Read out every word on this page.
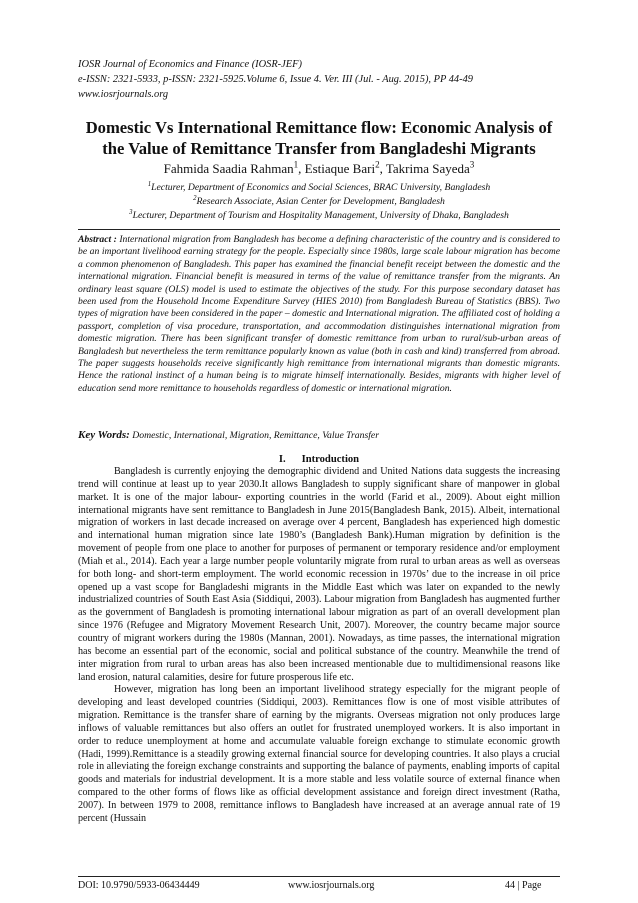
IOSR Journal of Economics and Finance (IOSR-JEF)
e-ISSN: 2321-5933, p-ISSN: 2321-5925.Volume 6, Issue 4. Ver. III (Jul. - Aug. 2015), PP 44-49
www.iosrjournals.org
Domestic Vs International Remittance flow: Economic Analysis of
the Value of Remittance Transfer from Bangladeshi Migrants
Fahmida Saadia Rahman$^1$, Estiaque Bari$^2$, Takrima Sayeda$^3$
$^1$Lecturer, Department of Economics and Social Sciences, BRAC University, Bangladesh
$^2$Research Associate, Asian Center for Development, Bangladesh
$^3$Lecturer, Department of Tourism and Hospitality Management, University of Dhaka, Bangladesh
Abstract : International migration from Bangladesh has become a defining characteristic of the country and is considered to be an important livelihood earning strategy for the people. Especially since 1980s, large scale labour migration has become a common phenomenon of Bangladesh. This paper has examined the financial benefit receipt between the domestic and the international migration. Financial benefit is measured in terms of the value of remittance transfer from the migrants. An ordinary least square (OLS) model is used to estimate the objectives of the study. For this purpose secondary dataset has been used from the Household Income Expenditure Survey (HIES 2010) from Bangladesh Bureau of Statistics (BBS). Two types of migration have been considered in the paper – domestic and International migration. The affiliated cost of holding a passport, completion of visa procedure, transportation, and accommodation distinguishes international migration from domestic migration. There has been significant transfer of domestic remittance from urban to rural/sub-urban areas of Bangladesh but nevertheless the term remittance popularly known as value (both in cash and kind) transferred from abroad. The paper suggests households receive significantly high remittance from international migrants than domestic migrants. Hence the rational instinct of a human being is to migrate himself internationally. Besides, migrants with higher level of education send more remittance to households regardless of domestic or international migration.
Key Words: Domestic, International, Migration, Remittance, Value Transfer
I. Introduction

Bangladesh is currently enjoying the demographic dividend and United Nations data suggests the increasing trend will continue at least up to year 2030.It allows Bangladesh to supply significant share of manpower in global market. It is one of the major labour- exporting countries in the world (Farid et al., 2009). About eight million international migrants have sent remittance to Bangladesh in June 2015(Bangladesh Bank, 2015). Albeit, international migration of workers in last decade increased on average over 4 percent, Bangladesh has experienced high domestic and international human migration since late 1980’s (Bangladesh Bank).Human migration by definition is the movement of people from one place to another for purposes of permanent or temporary residence and/or employment (Miah et al., 2014). Each year a large number people voluntarily migrate from rural to urban areas as well as overseas for both long- and short-term employment. The world economic recession in 1970s’ due to the increase in oil price opened up a vast scope for Bangladeshi migrants in the Middle East which was later on expanded to the newly industrialized countries of South East Asia (Siddiqui, 2003). Labour migration from Bangladesh has augmented further as the government of Bangladesh is promoting international labour migration as part of an overall development plan since 1976 (Refugee and Migratory Movement Research Unit, 2007). Moreover, the country became major source country of migrant workers during the 1980s (Mannan, 2001). Nowadays, as time passes, the international migration has become an essential part of the economic, social and political substance of the country. Meanwhile the trend of inter migration from rural to urban areas has also been increased mentionable due to multidimensional reasons like land erosion, natural calamities, desire for future prosperous life etc.

However, migration has long been an important livelihood strategy especially for the migrant people of developing and least developed countries (Siddiqui, 2003). Remittances flow is one of most visible attributes of migration. Remittance is the transfer share of earning by the migrants. Overseas migration not only produces large inflows of valuable remittances but also offers an outlet for frustrated unemployed workers. It is also important in order to reduce unemployment at home and accumulate valuable foreign exchange to stimulate economic growth (Hadi, 1999).Remittance is a steadily growing external financial source for developing countries. It also plays a crucial role in alleviating the foreign exchange constraints and supporting the balance of payments, enabling imports of capital goods and materials for industrial development. It is a more stable and less volatile source of external finance when compared to the other forms of flows like as official development assistance and foreign direct investment (Ratha, 2007). In between 1979 to 2008, remittance inflows to Bangladesh have increased at an average annual rate of 19 percent (Hussain

DOI: 10.9790/5933-06434449	www.iosrjournals.org	44 | Page
